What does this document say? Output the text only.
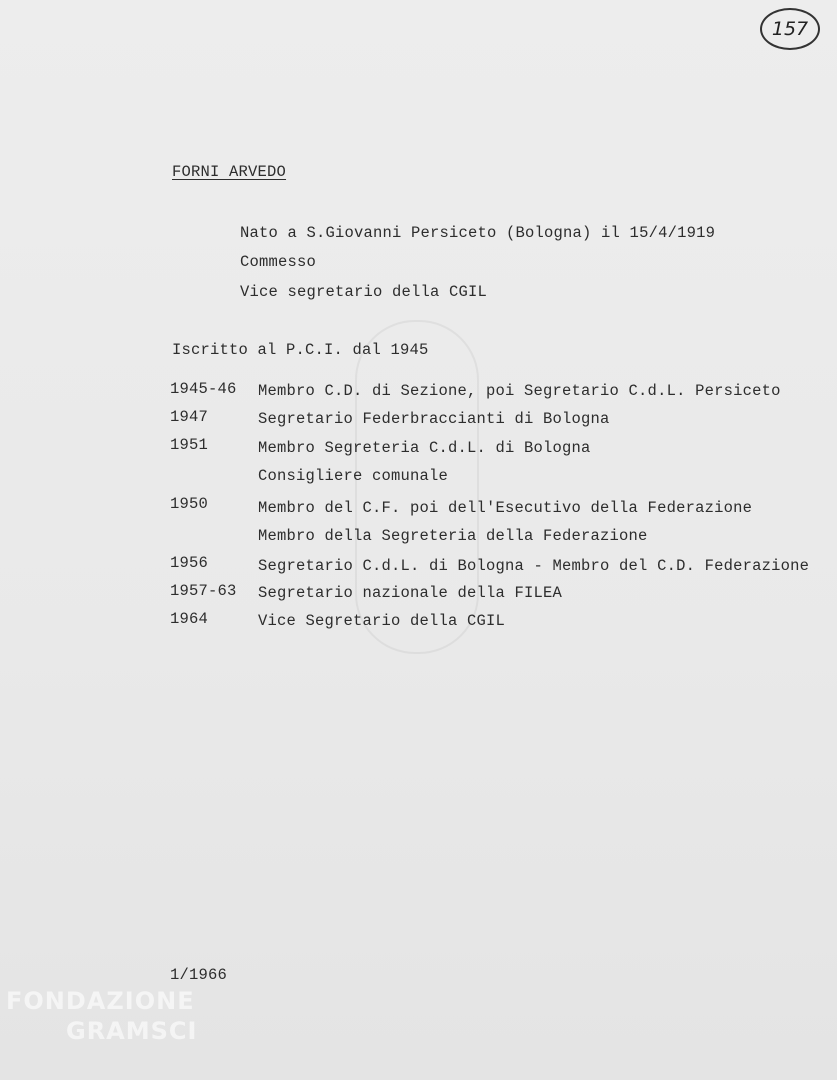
157
FORNI ARVEDO
Nato a S.Giovanni Persiceto (Bologna) il 15/4/1919
Commesso
Vice segretario della CGIL
Iscritto al P.C.I. dal 1945
1945-46 Membro C.D. di Sezione, poi Segretario C.d.L. Persiceto
1947	Segretario Federbraccianti di Bologna
1951	Membro Segreteria C.d.L. di Bologna
Consigliere comunale
1950	Membro del C.F. poi dell'Esecutivo della Federazione
Membro della Segreteria della Federazione
1956	Segretario C.d.L. di Bologna - Membro del C.D. Federazione
1957-63 Segretario nazionale della FILEA
1964	Vice Segretario della CGIL
1/1966
FONDAZIONE
GRAMSCI
